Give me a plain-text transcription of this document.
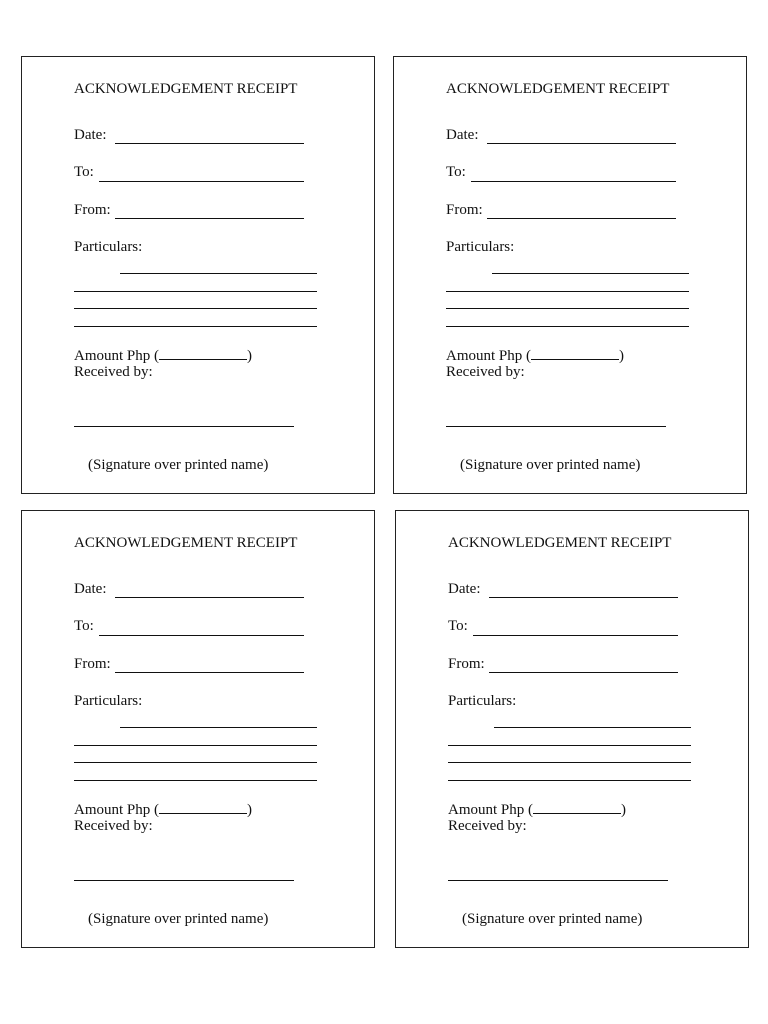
ACKNOWLEDGEMENT RECEIPT
Date:
To:
From:
Particulars:
Amount Php (	)
Received by:
(Signature over printed name)
ACKNOWLEDGEMENT RECEIPT
Date:
To:
From:
Particulars:
Amount Php (	)
Received by:
(Signature over printed name)
ACKNOWLEDGEMENT RECEIPT
Date:
To:
From:
Particulars:
Amount Php (	)
Received by:
(Signature over printed name)
ACKNOWLEDGEMENT RECEIPT
Date:
To:
From:
Particulars:
Amount Php (	)
Received by:
(Signature over printed name)
